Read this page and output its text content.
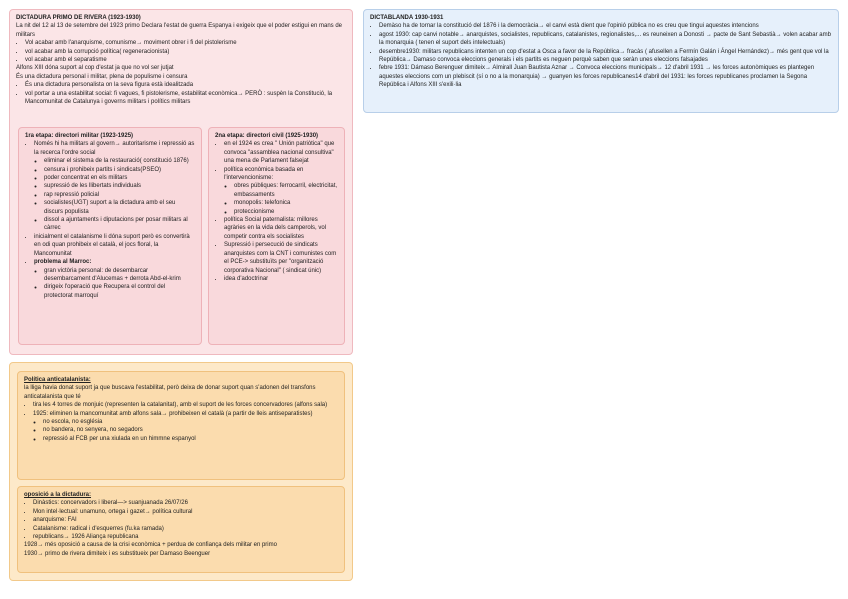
DICTADURA PRIMO DE RIVERA (1923-1930)

La nit del 12 al 13 de setembre del 1923 primo Declara l'estat de guerra Espanya i exigeix que el poder estigui en mans de militars

• Vol acabar amb l'anarquisme, comunisme→ moviment obrer i fi del pistolerisme
• vol acabar amb la corrupció política( regeneracionista)
• vol acabar amb el separatisme

Alfons XIII dóna suport al cop d'estat ja que no vol ser jutjat

És una dictadura personal i militar, plena de populisme i censura

• És una dictadura personalista on la seva figura està idealitzada
• vol portar a una estabilitat social: fi vagues, fi pistolerisme, estabilitat econòmica→ PERÒ : suspèn la Constitució, la Mancomunitat de Catalunya i governs militars i polítics militars

1ra etapa: directori militar (1923-1925)

• Només hi ha militars al govern→ autoritarisme i repressió as la recerca l'ordre social
◦ eliminar el sistema de la restauració( constitució 1876)
◦ censura i prohibeix partits i sindicats(PSEO)
◦ poder concentrat en els militars
◦ supressió de les llibertats individuals
◦ rap repressió policial
◦ socialistes(UGT) suport a la dictadura amb el seu discurs populista
◦ dissol a ajuntaments i diputacions per posar militars al càrrec
• inicialment el catalanisme li dóna suport però es convertirà en odi quan prohibeix el català, el jocs floral, la Mancomunitat
• problema al Marroc:
◦ gran victòria personal: de desembarcar desembarcament d'Alucemas + derrota Abd-el-krim
◦ dirigeix l'operació que Recupera el control del protectorat marroquí

2na etapa: directori civil (1925-1930)

• en el 1924 es crea " Unión patriòtica" que convoca "assamblea nacional consultiva" una mena de Parlament falsejat
• política econòmica basada en l'intervencionisme:
◦ obres públiques: ferrocarril, electricitat, embassaments
◦ monopolis: telefonica
◦ proteccionisme
• política Social paternalista: millores agràries en la vida dels camperols, vol competir contra els socialistes
• Supressió i persecució de sindicats anarquistes com la CNT i comunistes com el PCE-> substituïts per "organització corporativa Nacional" ( sindicat únic)
• idea d'adoctrinar

DICTABLANDA 1930-1931

• Demàso ha de tornar la constitució del 1876 i la democràcia→ el canvi està dient que l'opinió pública no es creu que tingui aquestes intencions
• agost 1930: cap canvi notable→ anarquistes, socialistes, republicans, catalanistes, regionalistes,... es reuneixen a Donosti → pacte de Sant Sebastià→ volen acabar amb la monarquia ( tenen el suport dels intelectuals)
• desembre1930: militars republicans intenten un cop d'estat a Osca a favor de la República→ fracàs ( afusellen a Fermín Galán i Ángel Hernández)→ més gent que vol la República→ Damaso convoca eleccions generals i els partits es neguen perquè saben que seràn unes eleccions falsajades
• febre 1931: Dámaso Berenguer dimiteix→ Almirall Juan Bautista Aznar → Convoca eleccions municipals→ 12 d'abril 1931 → les forces autonòmiques es plantegen aquestes eleccions com un plebiscit (sí o no a la monarquia) → guanyen les forces republicanes14 d'abril del 1931: les forces republicanes proclamen la Segona República i Alfons XIII s'exili·lia

Política anticatalanista:

la lliga havia donat suport ja que buscava l'estabilitat, però deixa de donar suport quan s'adonen del transfons anticatalanista que té

• tira les 4 torres de monjuic (representen la catalanitat), amb el suport de les forces concervadores (alfons sala)
• 1925: eliminen la mancomunitat amb alfons sala→ prohibeixen el català (a partir de lleis antiseparatistes)
◦ no escola, no església
◦ no bandera, no senyera, no segadors
◦ repressió al FCB per una xiulada en un himmne espanyol

oposició a la dictadura:

• Dinàstics: concervadors i liberal—> suanjuanada 26/07/26
• Mon intel·lectual: unamuno, ortega i gazet→ política cultural
• anarquisme: FAI
• Catalanisme: radical i d'esquerres (fu.ka ramada)
• republicans→ 1926 Aliança republicana

1928→ més oposició a causa de la crisi econòmica + perdua de confiança dels militar en primo

1930→ primo de rivera dimiteix i es substitueix per Damaso Beenguer
